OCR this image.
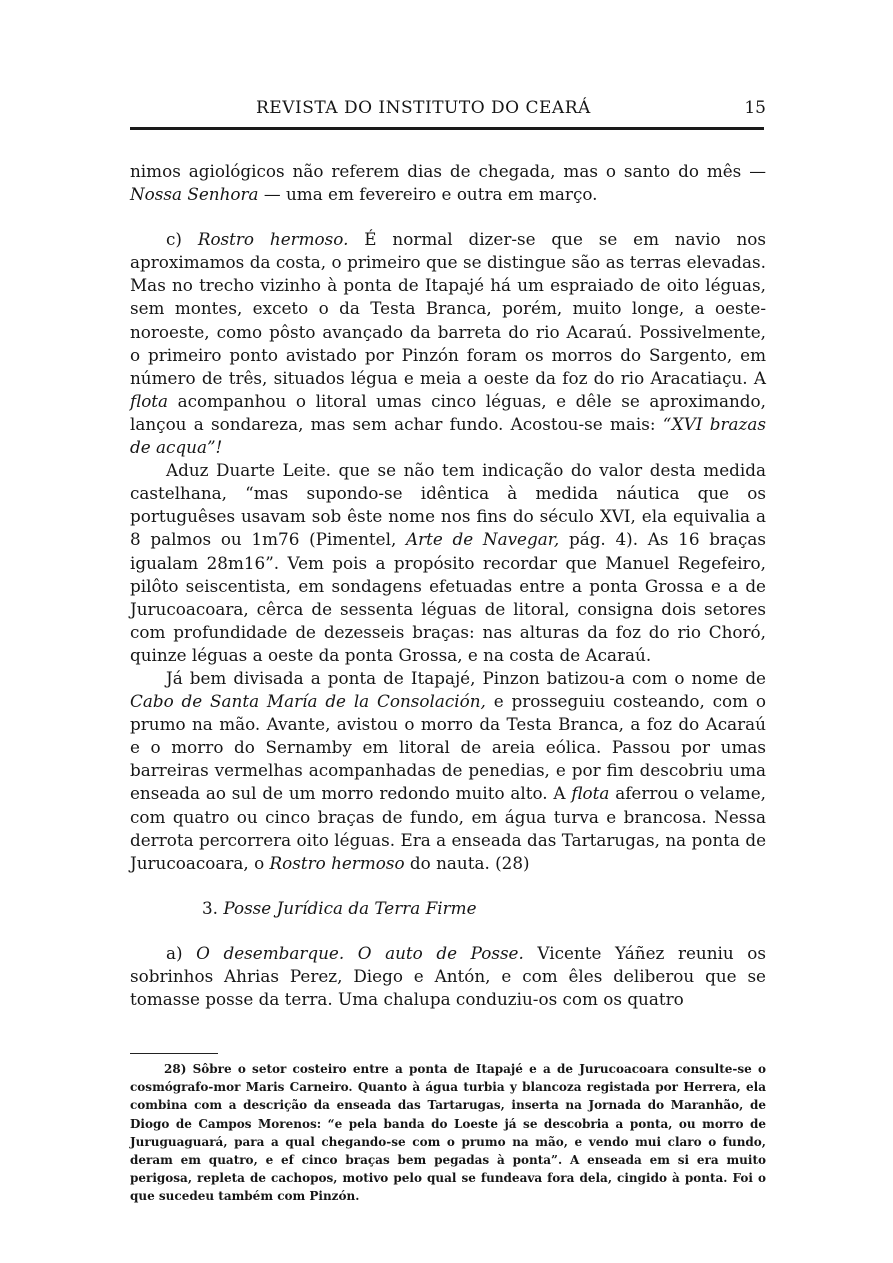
REVISTA DO INSTITUTO DO CEARÁ	15

nimos agiológicos não referem dias de chegada, mas o santo do mês — Nossa Senhora — uma em fevereiro e outra em março.

c) Rostro hermoso. É normal dizer-se que se em navio nos aproximamos da costa, o primeiro que se distingue são as terras elevadas. Mas no trecho vizinho à ponta de Itapajé há um espraiado de oito léguas, sem montes, exceto o da Testa Branca, porém, muito longe, a oeste-noroeste, como pôsto avançado da barreta do rio Acaraú. Possivelmente, o primeiro ponto avistado por Pinzón foram os morros do Sargento, em número de três, situados légua e meia a oeste da foz do rio Aracatiaçu. A flota acompanhou o litoral umas cinco léguas, e dêle se aproximando, lançou a sondareza, mas sem achar fundo. Acostou-se mais: “XVI brazas de acqua”!

Aduz Duarte Leite. que se não tem indicação do valor desta medida castelhana, “mas supondo-se idêntica à medida náutica que os portuguêses usavam sob êste nome nos fins do século XVI, ela equivalia a 8 palmos ou 1m76 (Pimentel, Arte de Navegar, pág. 4). As 16 braças igualam 28m16”. Vem pois a propósito recordar que Manuel Regefeiro, pilôto seiscentista, em sondagens efetuadas entre a ponta Grossa e a de Jurucoacoara, cêrca de sessenta léguas de litoral, consigna dois setores com profundidade de dezesseis braças: nas alturas da foz do rio Choró, quinze léguas a oeste da ponta Grossa, e na costa de Acaraú.

Já bem divisada a ponta de Itapajé, Pinzon batizou-a com o nome de Cabo de Santa María de la Consolación, e prosseguiu costeando, com o prumo na mão. Avante, avistou o morro da Testa Branca, a foz do Acaraú e o morro do Sernamby em litoral de areia eólica. Passou por umas barreiras vermelhas acompanhadas de penedias, e por fim descobriu uma enseada ao sul de um morro redondo muito alto. A flota aferrou o velame, com quatro ou cinco braças de fundo, em água turva e brancosa. Nessa derrota percorrera oito léguas. Era a enseada das Tartarugas, na ponta de Jurucoacoara, o Rostro hermoso do nauta. (28)

3. Posse Jurídica da Terra Firme

a) O desembarque. O auto de Posse. Vicente Yáñez reuniu os sobrinhos Ahrias Perez, Diego e Antón, e com êles deliberou que se tomasse posse da terra. Uma chalupa conduziu-os com os quatro

28) Sôbre o setor costeiro entre a ponta de Itapajé e a de Jurucoacoara consulte-se o cosmógrafo-mor Maris Carneiro. Quanto à água turbia y blancoza registada por Herrera, ela combina com a descrição da enseada das Tartarugas, inserta na Jornada do Maranhão, de Diogo de Campos Morenos: “e pela banda do Loeste já se descobria a ponta, ou morro de Juruguaguará, para a qual chegando-se com o prumo na mão, e vendo mui claro o fundo, deram em quatro, e ef cinco braças bem pegadas à ponta”. A enseada em si era muito perigosa, repleta de cachopos, motivo pelo qual se fundeava fora dela, cingido à ponta. Foi o que sucedeu também com Pinzón.
